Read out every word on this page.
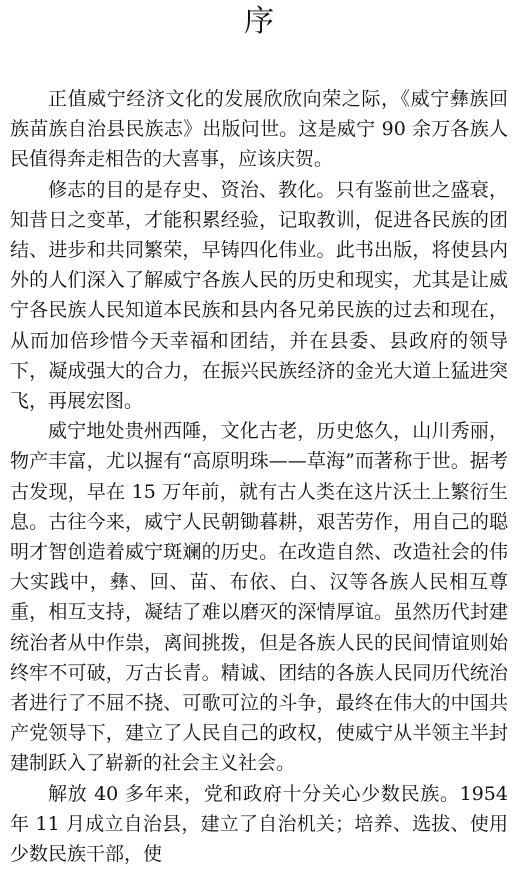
序

正值威宁经济文化的发展欣欣向荣之际，《威宁彝族回族苗族自治县民族志》出版问世。这是威宁 90 余万各族人民值得奔走相告的大喜事，应该庆贺。

修志的目的是存史、资治、教化。只有鉴前世之盛衰，知昔日之变革，才能积累经验，记取教训，促进各民族的团结、进步和共同繁荣，早铸四化伟业。此书出版，将使县内外的人们深入了解威宁各族人民的历史和现实，尤其是让威宁各民族人民知道本民族和县内各兄弟民族的过去和现在，从而加倍珍惜今天幸福和团结，并在县委、县政府的领导下，凝成强大的合力，在振兴民族经济的金光大道上猛进突飞，再展宏图。

威宁地处贵州西陲，文化古老，历史悠久，山川秀丽，物产丰富，尤以握有“高原明珠——草海”而著称于世。据考古发现，早在 15 万年前，就有古人类在这片沃土上繁衍生息。古往今来，威宁人民朝锄暮耕，艰苦劳作，用自己的聪明才智创造着威宁斑斓的历史。在改造自然、改造社会的伟大实践中，彝、回、苗、布依、白、汉等各族人民相互尊重，相互支持，凝结了难以磨灭的深情厚谊。虽然历代封建统治者从中作祟，离间挑拨，但是各族人民的民间情谊则始终牢不可破，万古长青。精诚、团结的各族人民同历代统治者进行了不屈不挠、可歌可泣的斗争，最终在伟大的中国共产党领导下，建立了人民自己的政权，使威宁从半领主半封建制跃入了崭新的社会主义社会。

解放 40 多年来，党和政府十分关心少数民族。1954 年 11 月成立自治县，建立了自治机关；培养、选拔、使用少数民族干部，使
